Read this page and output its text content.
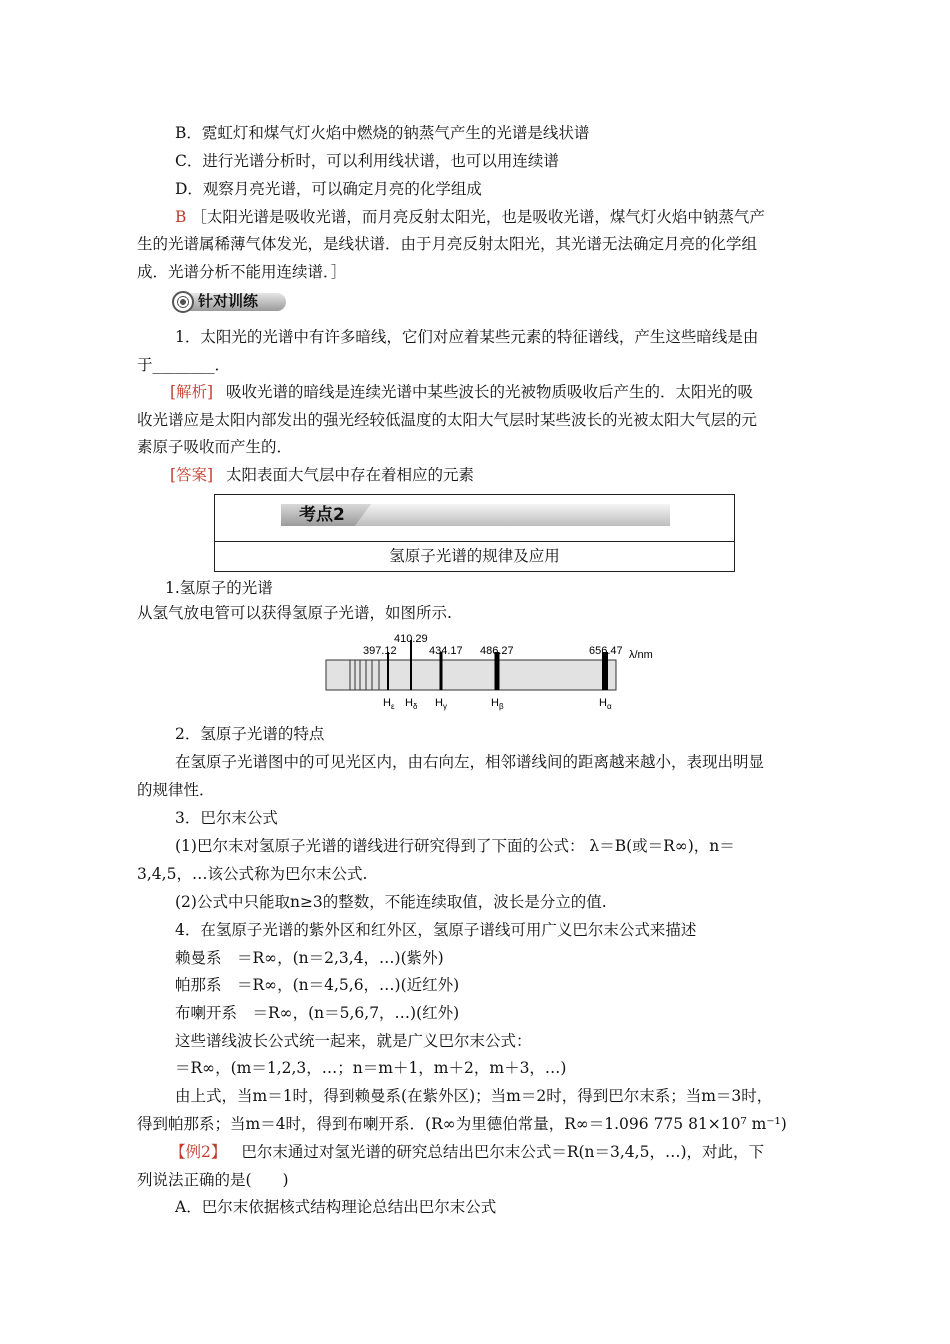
B．霓虹灯和煤气灯火焰中燃烧的钠蒸气产生的光谱是线状谱
C．进行光谱分析时，可以利用线状谱，也可以用连续谱
D．观察月亮光谱，可以确定月亮的化学组成
B ［太阳光谱是吸收光谱，而月亮反射太阳光，也是吸收光谱，煤气灯火焰中钠蒸气产
生的光谱属稀薄气体发光，是线状谱．由于月亮反射太阳光，其光谱无法确定月亮的化学组
成．光谱分析不能用连续谱．］
针对训练
1．太阳光的光谱中有许多暗线，它们对应着某些元素的特征谱线，产生这些暗线是由
于________．
[解析] 吸收光谱的暗线是连续光谱中某些波长的光被物质吸收后产生的．太阳光的吸
收光谱应是太阳内部发出的强光经较低温度的太阳大气层时某些波长的光被太阳大气层的元
素原子吸收而产生的．
[答案] 太阳表面大气层中存在着相应的元素
考点2
氢原子光谱的规律及应用
1.氢原子的光谱
从氢气放电管可以获得氢原子光谱，如图所示.
397.12
410.29
434.17 486.27	656.47 λ/nm
$H_\varepsilon$ $H_\delta$ $H_\gamma$	$H_\beta$	$H_\alpha$
2．氢原子光谱的特点
在氢原子光谱图中的可见光区内，由右向左，相邻谱线间的距离越来越小，表现出明显
的规律性．
3．巴尔末公式
(1)巴尔末对氢原子光谱的谱线进行研究得到了下面的公式： λ＝B(或＝R∞)，n＝
3,4,5，…该公式称为巴尔末公式.
(2)公式中只能取n≥3的整数，不能连续取值，波长是分立的值.
4．在氢原子光谱的紫外区和红外区，氢原子谱线可用广义巴尔末公式来描述
赖曼系　＝R∞，(n＝2,3,4，…)(紫外)
帕那系　＝R∞，(n＝4,5,6，…)(近红外)
布喇开系　＝R∞，(n＝5,6,7，…)(红外)
这些谱线波长公式统一起来，就是广义巴尔末公式：
＝R∞，(m＝1,2,3，…；n＝m＋1，m＋2，m＋3，…)
由上式，当m＝1时，得到赖曼系(在紫外区)；当m＝2时，得到巴尔末系；当m＝3时，
得到帕那系；当m＝4时，得到布喇开系．(R∞为里德伯常量，R∞＝1.096 775 81×10⁷ m⁻¹)
【例2】 巴尔末通过对氢光谱的研究总结出巴尔末公式＝R(n＝3,4,5，…)，对此，下
列说法正确的是(　　)
A．巴尔末依据核式结构理论总结出巴尔末公式
